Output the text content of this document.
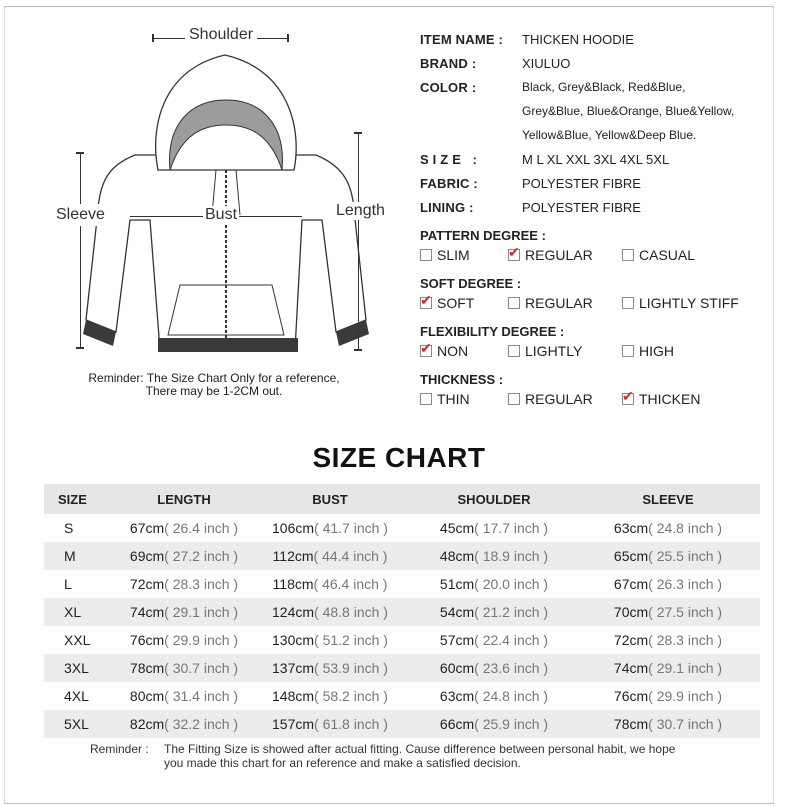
Shoulder
Sleeve	Bust	Length
Reminder: The Size Chart Only for a reference,
There may be 1-2CM out.
ITEM NAME : THICKEN HOODIE
BRAND :	XIULUO
COLOR :	Black, Grey&Black, Red&Blue,
Grey&Blue, Blue&Orange, Blue&Yellow,
Yellow&Blue, Yellow&Deep Blue.
SIZE :	M L XL XXL 3XL 4XL 5XL
FABRIC :	POLYESTER FIBRE
LINING :	POLYESTER FIBRE
PATTERN DEGREE :
SLIM ✔	REGULAR	CASUAL
SOFT DEGREE :
✔
SOFT	REGULAR	LIGHTLY STIFF
FLEXIBILITY DEGREE :
✔
NON	LIGHTLY	HIGH
THICKNESS :
THIN	REGULAR ✔	THICKEN
SIZE CHART
SIZE	LENGTH	BUST	SHOULDER	SLEEVE
S	67cm( 26.4 inch )	106cm( 41.7 inch )	45cm( 17.7 inch )	63cm( 24.8 inch )
M	69cm( 27.2 inch )	112cm( 44.4 inch )	48cm( 18.9 inch )	65cm( 25.5 inch )
L	72cm( 28.3 inch )	118cm( 46.4 inch )	51cm( 20.0 inch )	67cm( 26.3 inch )
XL	74cm( 29.1 inch )	124cm( 48.8 inch )	54cm( 21.2 inch )	70cm( 27.5 inch )
XXL	76cm( 29.9 inch )	130cm( 51.2 inch )	57cm( 22.4 inch )	72cm( 28.3 inch )
3XL	78cm( 30.7 inch )	137cm( 53.9 inch )	60cm( 23.6 inch )	74cm( 29.1 inch )
4XL	80cm( 31.4 inch )	148cm( 58.2 inch )	63cm( 24.8 inch )	76cm( 29.9 inch )
5XL	82cm( 32.2 inch )	157cm( 61.8 inch )	66cm( 25.9 inch )	78cm( 30.7 inch )
Reminder : The Fitting Size is showed after actual fitting. Cause difference between personal habit, we hope
you made this chart for an reference and make a satisfied decision.
